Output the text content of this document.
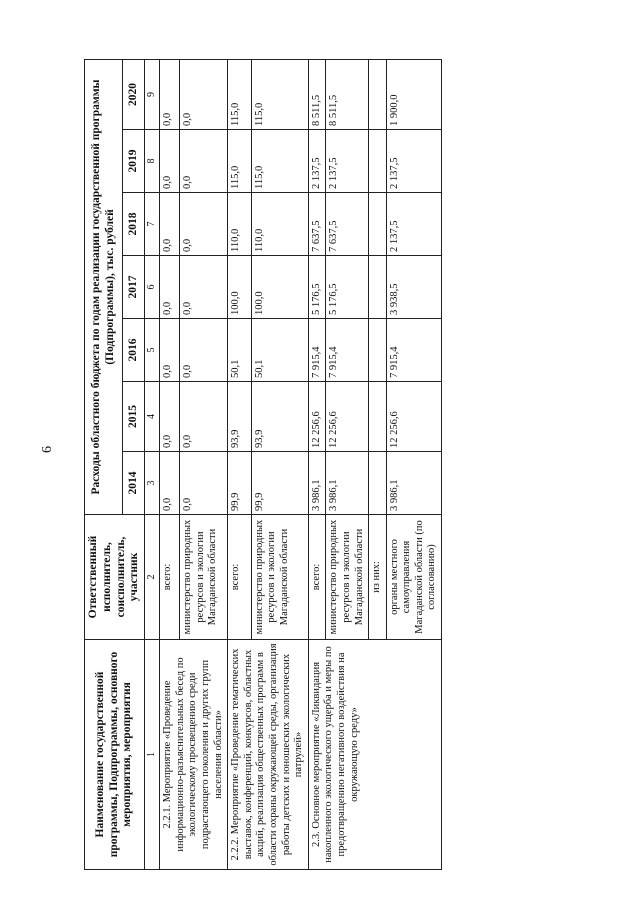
6
Наименование государственной программы, Подпрограммы, основного мероприятия, мероприятия	Ответственный исполнитель, соисполнитель, участник	Расходы областного бюджета по годам реализации государственной программы (Подпрограммы), тыс. рублей						
		2014	2015	2016	2017	2018	2019	2020
1	2	3	4	5	6	7	8	9
2.2.1. Мероприятие «Проведение информационно-разъяснительных бесед по экологическому просвещению среди подрастающего поколения и других групп населения области»	всего:	0,0	0,0	0,0	0,0	0,0	0,0	0,0
	министерство природных ресурсов и экологии Магаданской области	0,0	0,0	0,0	0,0	0,0	0,0	0,0
2.2.2. Мероприятие «Проведение тематических выставок, конференций, конкурсов, областных акций, реализация общественных программ в области охраны окружающей среды, организация работы детских и юношеских экологических патрулей»	всего:	99,9	93,9	50,1	100,0	110,0	115,0	115,0
	министерство природных ресурсов и экологии Магаданской области	99,9	93,9	50,1	100,0	110,0	115,0	115,0
2.3. Основное мероприятие «Ликвидация накопленного экологического ущерба и меры по предотвращению негативного воздействия на окружающую среду»	всего:	3 986,1	12 256,6	7 915,4	5 176,5	7 637,5	2 137,5	8 511,5
	министерство природных ресурсов и экологии Магаданской области	3 986,1	12 256,6	7 915,4	5 176,5	7 637,5	2 137,5	8 511,5
	из них:							
	органы местного самоуправления Магаданской области (по согласованию)	3 986,1	12 256,6	7 915,4	3 938,5	2 137,5	2 137,5	1 900,0
